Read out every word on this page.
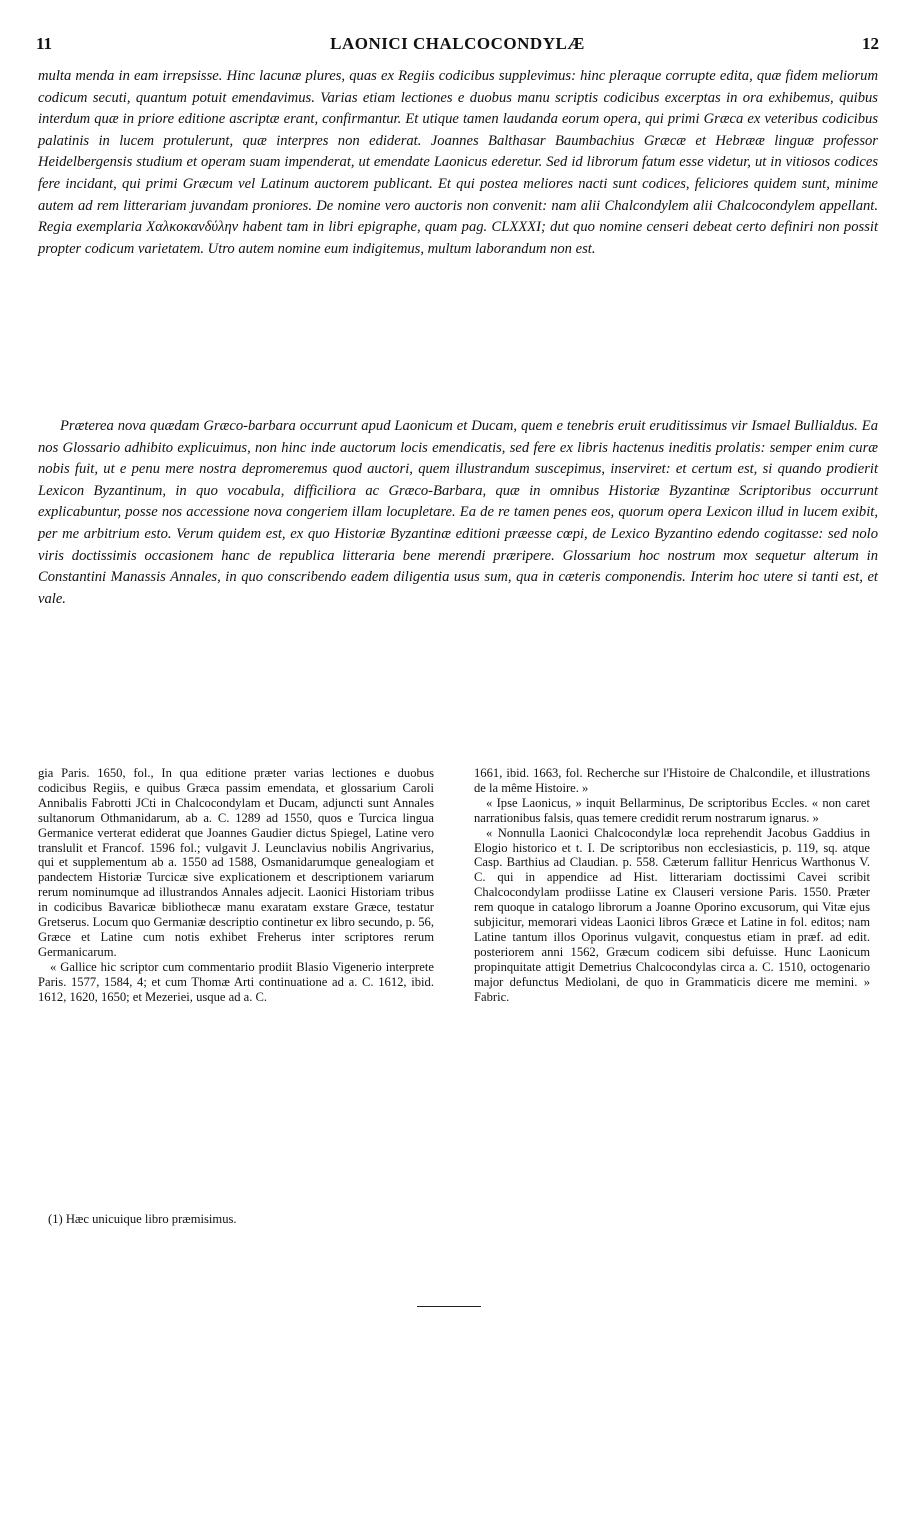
11	LAONICI CHALCOCONDYLÆ	12

multa menda in eam irrepsisse. Hinc lacunæ plures, quas ex Regiis codicibus supplevimus: hinc pleraque corrupte edita, quæ fidem meliorum codicum secuti, quantum potuit emendavimus. Varias etiam lectiones e duobus manu scriptis codicibus excerptas in ora exhibemus, quibus interdum quæ in priore editione ascriptæ erant, confirmantur. Et utique tamen laudanda eorum opera, qui primi Græca ex veteribus codicibus palatinis in lucem protulerunt, quæ interpres non ediderat. Joannes Balthasar Baumbachius Græcæ et Hebrææ linguæ professor Heidelbergensis studium et operam suam impenderat, ut emendate Laonicus ederetur. Sed id librorum fatum esse videtur, ut in vitiosos codices fere incidant, qui primi Græcum vel Latinum auctorem publicant. Et qui postea meliores nacti sunt codices, feliciores quidem sunt, minime autem ad rem litterariam juvandam proniores. De nomine vero auctoris non convenit: nam alii Chalcondylem alii Chalcocondylem appellant. Regia exemplaria Χαλκοκανδύλην habent tam in libri epigraphe, quam pag. CLXXXI; dut quo nomine censeri debeat certo definiri non possit propter codicum varietatem. Utro autem nomine eum indigitemus, multum laborandum non est.

Præterea nova quædam Græco-barbara occurrunt apud Laonicum et Ducam, quem e tenebris eruit eruditissimus vir Ismael Bullialdus. Ea nos Glossario adhibito explicuimus, non hinc inde auctorum locis emendicatis, sed fere ex libris hactenus ineditis prolatis: semper enim curæ nobis fuit, ut e penu mere nostra depromeremus quod auctori, quem illustrandum suscepimus, inserviret: et certum est, si quando prodierit Lexicon Byzantinum, in quo vocabula, difficiliora ac Græco-Barbara, quæ in omnibus Historiæ Byzantinæ Scriptoribus occurrunt explicabuntur, posse nos accessione nova congeriem illam locupletare. Ea de re tamen penes eos, quorum opera Lexicon illud in lucem exibit, per me arbitrium esto. Verum quidem est, ex quo Historiæ Byzantinæ editioni præesse cœpi, de Lexico Byzantino edendo cogitasse: sed nolo viris doctissimis occasionem hanc de republica litteraria bene merendi præripere. Glossarium hoc nostrum mox sequetur alterum in Constantini Manassis Annales, in quo conscribendo eadem diligentia usus sum, qua in cæteris componendis. Interim hoc utere si tanti est, et vale.

gia Paris. 1650, fol., In qua editione præter varias lectiones e duobus codicibus Regiis, e quibus Græca passim emendata, et glossarium Caroli Annibalis Fabrotti JCti in Chalcocondylam et Ducam, adjuncti sunt Annales sultanorum Othmanidarum, ab a. C. 1289 ad 1550, quos e Turcica lingua Germanice verterat ediderat que Joannes Gaudier dictus Spiegel, Latine vero translulit et Francof. 1596 fol.; vulgavit J. Leunclavius nobilis Angrivarius, qui et supplementum ab a. 1550 ad 1588, Osmanidarumque genealogiam et pandectem Historiæ Turcicæ sive explicationem et descriptionem variarum rerum nominumque ad illustrandos Annales adjecit. Laonici Historiam tribus in codicibus Bavaricæ bibliothecæ manu exaratam exstare Græce, testatur Gretserus. Locum quo Germaniæ descriptio continetur ex libro secundo, p. 56, Græce et Latine cum notis exhibet Freherus inter scriptores rerum Germanicarum.

« Gallice hic scriptor cum commentario prodiit Blasio Vigenerio interprete Paris. 1577, 1584, 4; et cum Thomæ Arti continuatione ad a. C. 1612, ibid. 1612, 1620, 1650; et Mezeriei, usque ad a. C.

1661, ibid. 1663, fol. Recherche sur l'Histoire de Chalcondile, et illustrations de la même Histoire. »

« Ipse Laonicus, » inquit Bellarminus, De scriptoribus Eccles. « non caret narrationibus falsis, quas temere credidit rerum nostrarum ignarus. »

« Nonnulla Laonici Chalcocondylæ loca reprehendit Jacobus Gaddius in Elogio historico et t. I. De scriptoribus non ecclesiasticis, p. 119, sq. atque Casp. Barthius ad Claudian. p. 558. Cæterum fallitur Henricus Warthonus V. C. qui in appendice ad Hist. litterariam doctissimi Cavei scribit Chalcocondylam prodiisse Latine ex Clauseri versione Paris. 1550. Præter rem quoque in catalogo librorum a Joanne Oporino excusorum, qui Vitæ ejus subjicitur, memorari videas Laonici libros Græce et Latine in fol. editos; nam Latine tantum illos Oporinus vulgavit, conquestus etiam in præf. ad edit. posteriorem anni 1562, Græcum codicem sibi defuisse. Hunc Laonicum propinquitate attigit Demetrius Chalcocondylas circa a. C. 1510, octogenario major defunctus Mediolani, de quo in Grammaticis dicere me memini. » Fabric.

(1) Hæc unicuique libro præmisimus.
